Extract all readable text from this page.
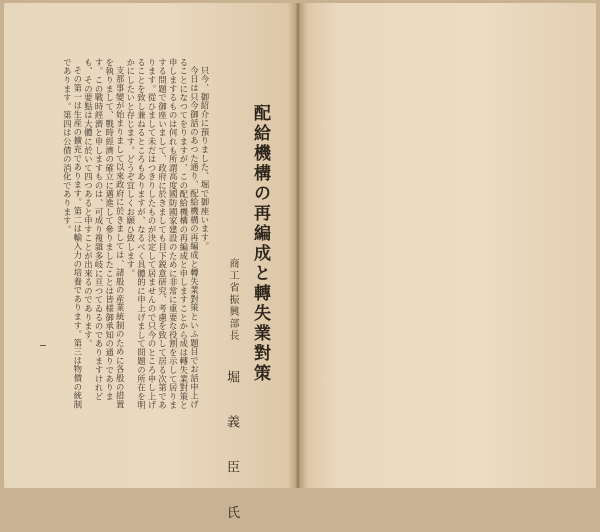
配給機構の再編成と轉失業對策
商工省振興部長
堀 義 臣 氏

只今、御紹介に預りました、堀で御座います。

今日は只今御話のあつた通り、配給機構の再編成と轉失業對策といふ題目でお話申上げることになつてをりますが、この配給機構の再編成と申しますことから成は轉失業對策と申しまするものは何れも所謂高度國防國家建設のために非常に重要な役割を示して居りまする問題で御座いまして、政府に於きましても目下鋭意研究、考慮を致して居る次第であります。從ひまして未だはつきりしたものが決定して居ませんので只今のところ申し上げることを致し兼ねるところもありますが、なるべく具體的に申上げまして問題の所在を明かにしたいと存じます。どうぞ宜しくお願ひ致します。

支那事變が始まりまして以來政府に於きましては、諸般の産業統制のために各般の措置を執りまして、戰時經濟の確立に邁進して參りましたことは皆様御承知の通りであります。この戰時經濟と申しますものは、可成り複雜多岐に亘つてゐるのでありますけれども、その要點は大體に於いて四つあると申すことが出來るのであります。

その第一は生産の擴充であります。第二は輸入力の培養であります。第三は物價の統制であります。第四は公債の消化であります。
